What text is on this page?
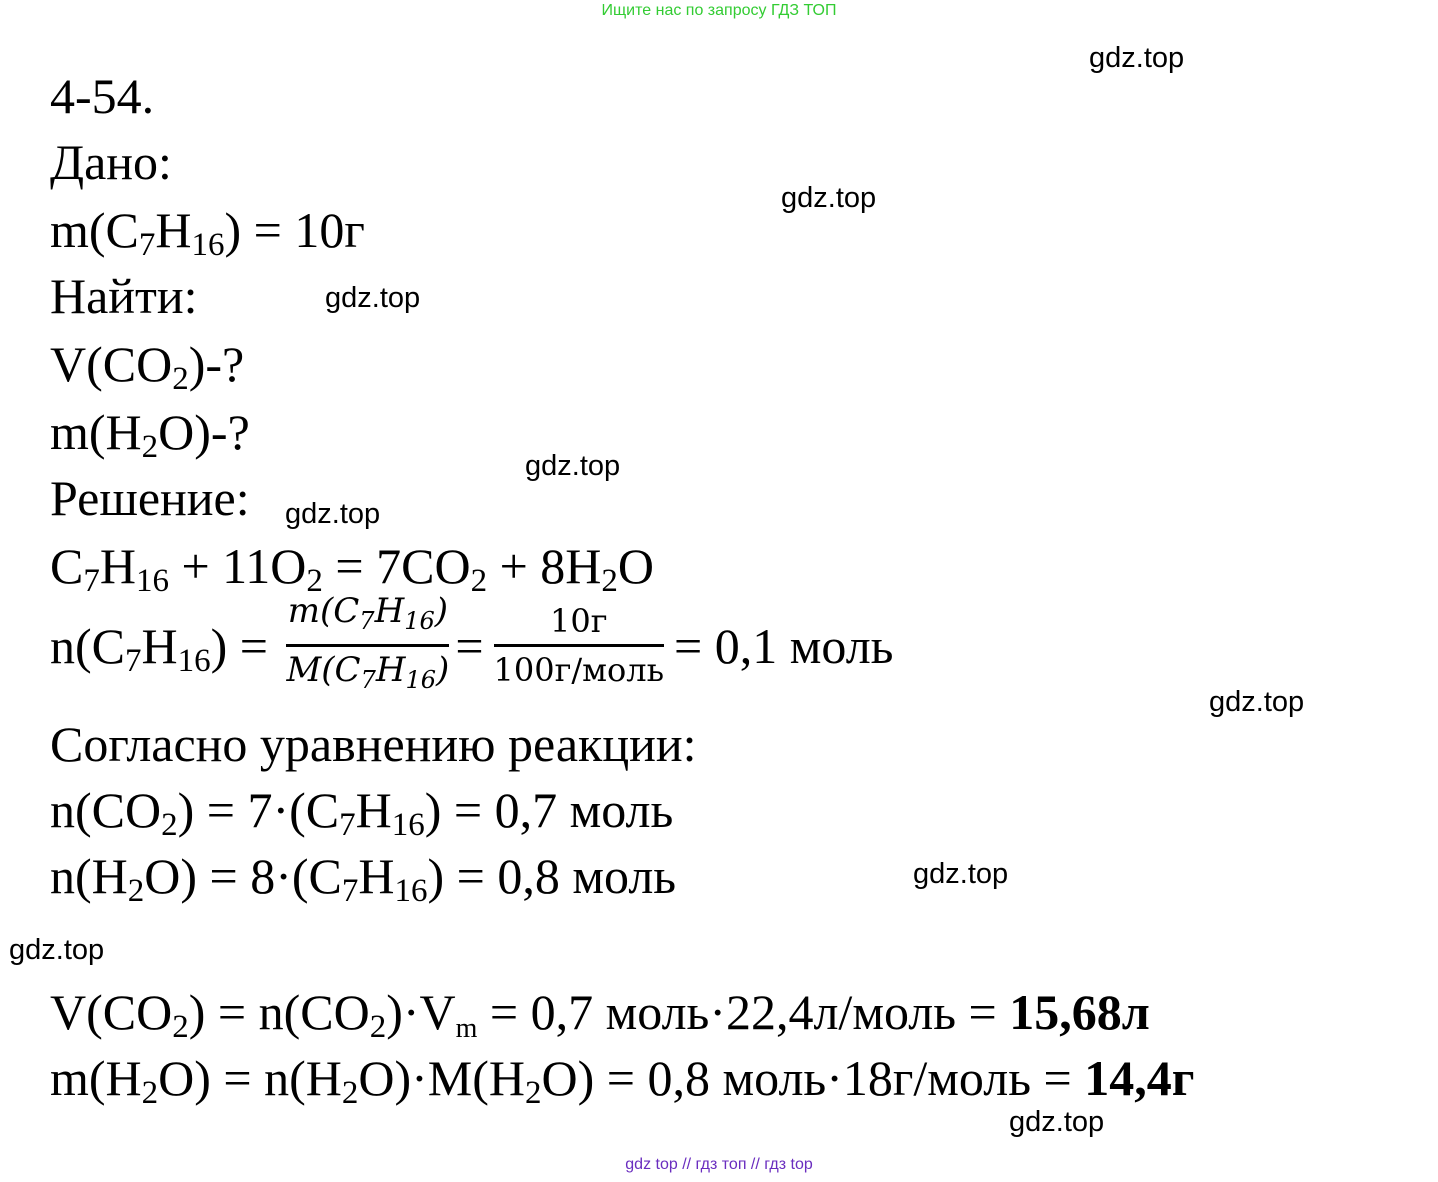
Ищите нас по запросу ГДЗ ТОП
gdz.top
gdz.top
gdz.top
gdz.top
gdz.top
gdz.top
gdz.top
gdz.top
gdz.top
4-54.
Дано:
$m(C_7H_{16}) = 10г$
Найти:
$V(CO_2)-$?
$m(H_2O)-$?
Решение:
$C_7H_{16} + 11O_2 = 7CO_2 + 8H_2O$
$n(C_7H_{16}) = \frac{m(C_7H_{16})}{M(C_7H_{16})} = \frac{10г}{\text{100г/моль}} = 0,1$ моль
Согласно уравнению реакции:
$n(CO_2) = 7\cdot(C_7H_{16}) = 0,7$ моль
$n(H_2O) = 8\cdot(C_7H_{16}) = 0,8$ моль
$V(CO_2) = n(CO_2)\cdot Vm = 0,7$ моль·22,4л/моль = 15,68л
$m(H_2O) = n(H_2O)\cdot M(H_2O) = 0,8$ моль·18г/моль = 14,4г
gdz top // гдз топ // гдз top
